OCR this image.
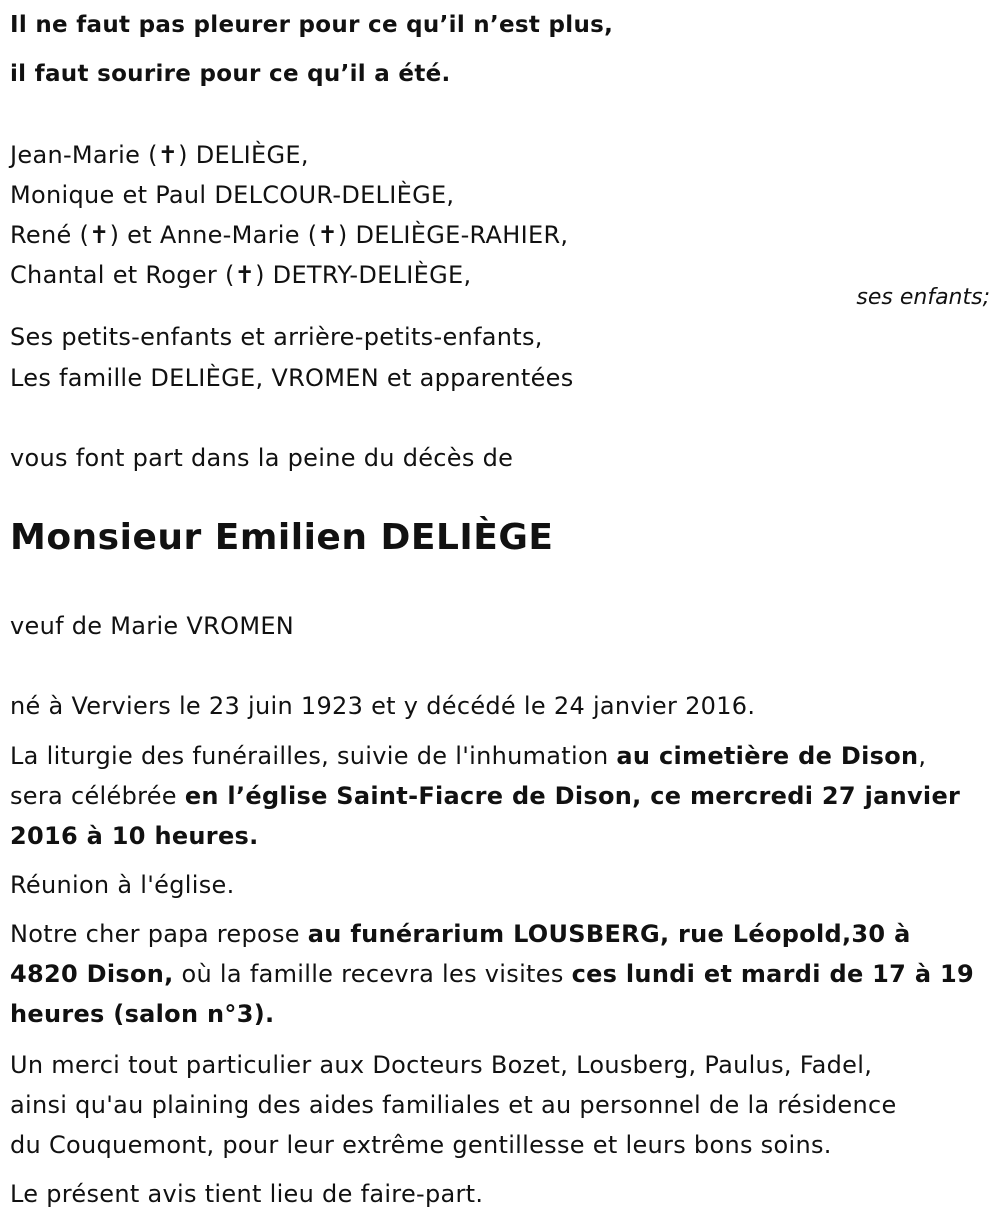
Il ne faut pas pleurer pour ce qu’il n’est plus,
il faut sourire pour ce qu’il a été.
Jean-Marie (✝) DELIÈGE,
Monique et Paul DELCOUR-DELIÈGE,
René (✝) et Anne-Marie (✝) DELIÈGE-RAHIER,
Chantal et Roger (✝) DETRY-DELIÈGE,
ses enfants;
Ses petits-enfants et arrière-petits-enfants,
Les famille DELIÈGE, VROMEN et apparentées
vous font part dans la peine du décès de
Monsieur Emilien DELIÈGE
veuf de Marie VROMEN
né à Verviers le 23 juin 1923 et y décédé le 24 janvier 2016.
La liturgie des funérailles, suivie de l'inhumation au cimetière de Dison,
sera célébrée en l’église Saint-Fiacre de Dison, ce mercredi 27 janvier
2016 à 10 heures.
Réunion à l'église.
Notre cher papa repose au funérarium LOUSBERG, rue Léopold,30 à
4820 Dison, où la famille recevra les visites ces lundi et mardi de 17 à 19
heures (salon n°3).
Un merci tout particulier aux Docteurs Bozet, Lousberg, Paulus, Fadel,
ainsi qu'au plaining des aides familiales et au personnel de la résidence
du Couquemont, pour leur extrême gentillesse et leurs bons soins.
Le présent avis tient lieu de faire-part.
